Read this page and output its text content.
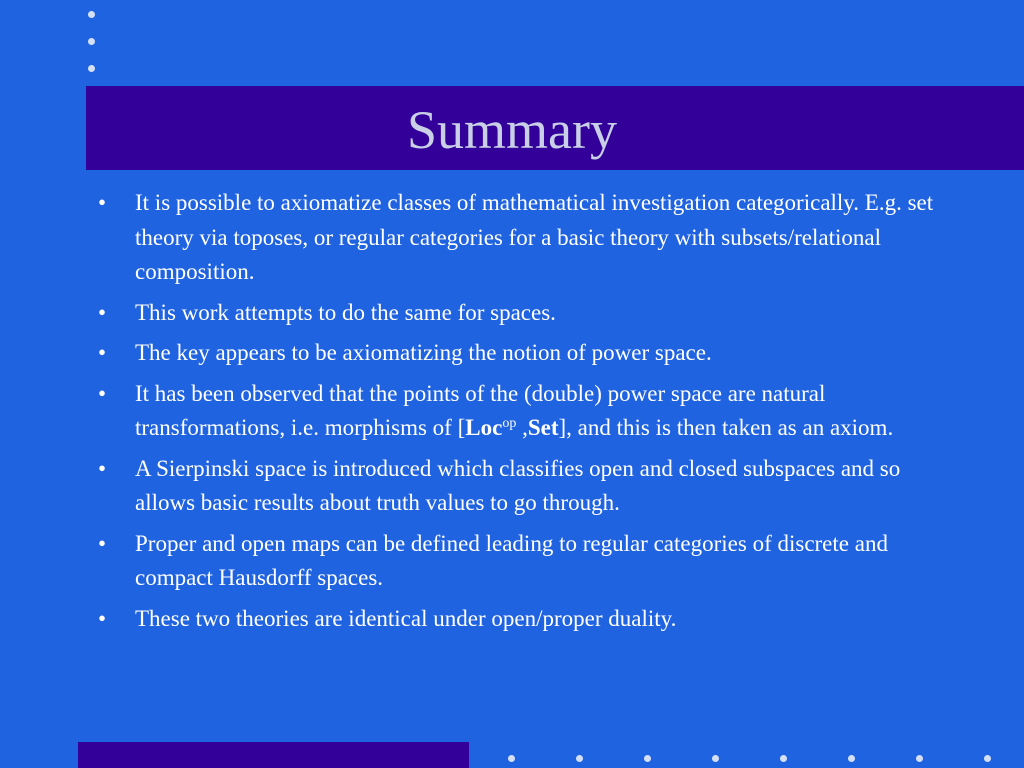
Summary
• It is possible to axiomatize classes of mathematical investigation categorically. E.g. set theory via toposes, or regular categories for a basic theory with subsets/relational composition.
• This work attempts to do the same for spaces.
• The key appears to be axiomatizing the notion of power space.
• It has been observed that the points of the (double) power space are natural transformations, i.e. morphisms of [Loc$^{op}$ ,Set], and this is then taken as an axiom.
• A Sierpinski space is introduced which classifies open and closed subspaces and so allows basic results about truth values to go through.
• Proper and open maps can be defined leading to regular categories of discrete and compact Hausdorff spaces.
• These two theories are identical under open/proper duality.
